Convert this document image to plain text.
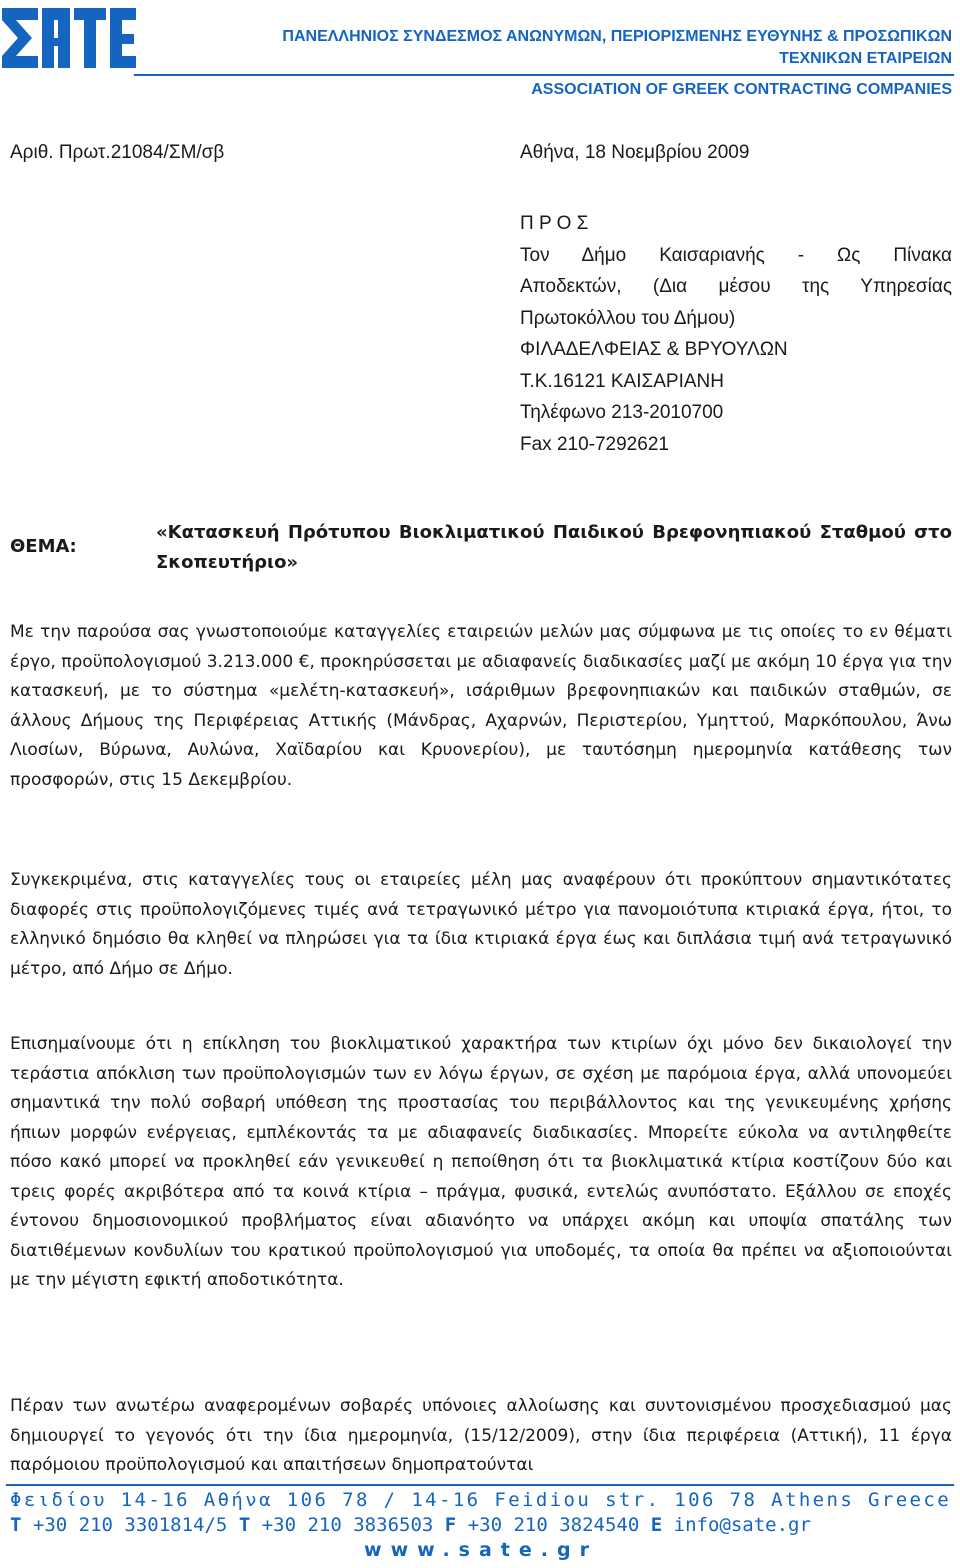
ΠΑΝΕΛΛΗΝΙΟΣ ΣΥΝΔΕΣΜΟΣ ΑΝΩΝΥΜΩΝ, ΠΕΡΙΟΡΙΣΜΕΝΗΣ ΕΥΘΥΝΗΣ & ΠΡΟΣΩΠΙΚΩΝ

ΤΕΧΝΙΚΩΝ ΕΤΑΙΡΕΙΩΝ

ASSOCIATION OF GREEK CONTRACTING COMPANIES

Αριθ. Πρωτ.21084/ΣΜ/σβ	Αθήνα, 18 Νοεμβρίου 2009

Π Ρ Ο Σ

Τον Δήμο Καισαριανής - Ως Πίνακα

Αποδεκτών, (Δια μέσου της Υπηρεσίας

Πρωτοκόλλου του Δήμου)

ΦΙΛΑΔΕΛΦΕΙΑΣ & ΒΡΥΟΥΛΩΝ

Τ.Κ.16121 ΚΑΙΣΑΡΙΑΝΗ

Τηλέφωνο 213-2010700

Fax 210-7292621

ΘΕΜΑ:

«Κατασκευή Πρότυπου Βιοκλιματικού Παιδικού Βρεφονηπιακού Σταθμού στο Σκοπευτήριο»

Με την παρούσα σας γνωστοποιούμε καταγγελίες εταιρειών μελών μας σύμφωνα με τις οποίες το εν θέματι έργο, προϋπολογισμού 3.213.000 €, προκηρύσσεται με αδιαφανείς διαδικασίες μαζί με ακόμη 10 έργα για την κατασκευή, με το σύστημα «μελέτη-κατασκευή», ισάριθμων βρεφονηπιακών και παιδικών σταθμών, σε άλλους Δήμους της Περιφέρειας Αττικής (Μάνδρας, Αχαρνών, Περιστερίου, Υμηττού, Μαρκόπουλου, Άνω Λιοσίων, Βύρωνα, Αυλώνα, Χαϊδαρίου και Κρυονερίου), με ταυτόσημη ημερομηνία κατάθεσης των προσφορών, στις 15 Δεκεμβρίου.

Συγκεκριμένα, στις καταγγελίες τους οι εταιρείες μέλη μας αναφέρουν ότι προκύπτουν σημαντικότατες διαφορές στις προϋπολογιζόμενες τιμές ανά τετραγωνικό μέτρο για πανομοιότυπα κτιριακά έργα, ήτοι, το ελληνικό δημόσιο θα κληθεί να πληρώσει για τα ίδια κτιριακά έργα έως και διπλάσια τιμή ανά τετραγωνικό μέτρο, από Δήμο σε Δήμο.

Επισημαίνουμε ότι η επίκληση του βιοκλιματικού χαρακτήρα των κτιρίων όχι μόνο δεν δικαιολογεί την τεράστια απόκλιση των προϋπολογισμών των εν λόγω έργων, σε σχέση με παρόμοια έργα, αλλά υπονομεύει σημαντικά την πολύ σοβαρή υπόθεση της προστασίας του περιβάλλοντος και της γενικευμένης χρήσης ήπιων μορφών ενέργειας, εμπλέκοντάς τα με αδιαφανείς διαδικασίες. Μπορείτε εύκολα να αντιληφθείτε πόσο κακό μπορεί να προκληθεί εάν γενικευθεί η πεποίθηση ότι τα βιοκλιματικά κτίρια κοστίζουν δύο και τρεις φορές ακριβότερα από τα κοινά κτίρια – πράγμα, φυσικά, εντελώς ανυπόστατο. Εξάλλου σε εποχές έντονου δημοσιονομικού προβλήματος είναι αδιανόητο να υπάρχει ακόμη και υποψία σπατάλης των διατιθέμενων κονδυλίων του κρατικού προϋπολογισμού για υποδομές, τα οποία θα πρέπει να αξιοποιούνται με την μέγιστη εφικτή αποδοτικότητα.

Πέραν των ανωτέρω αναφερομένων σοβαρές υπόνοιες αλλοίωσης και συντονισμένου προσχεδιασμού μας δημιουργεί το γεγονός ότι την ίδια ημερομηνία, (15/12/2009), στην ίδια περιφέρεια (Αττική), 11 έργα παρόμοιου προϋπολογισμού και απαιτήσεων δημοπρατούνται

Φειδίου 14-16 Αθήνα 106 78 / 14-16 Feidiou str. 106 78 Athens Greece

T +30 210 3301814/5 T +30 210 3836503 F +30 210 3824540 E info@sate.gr

www.sate.gr
